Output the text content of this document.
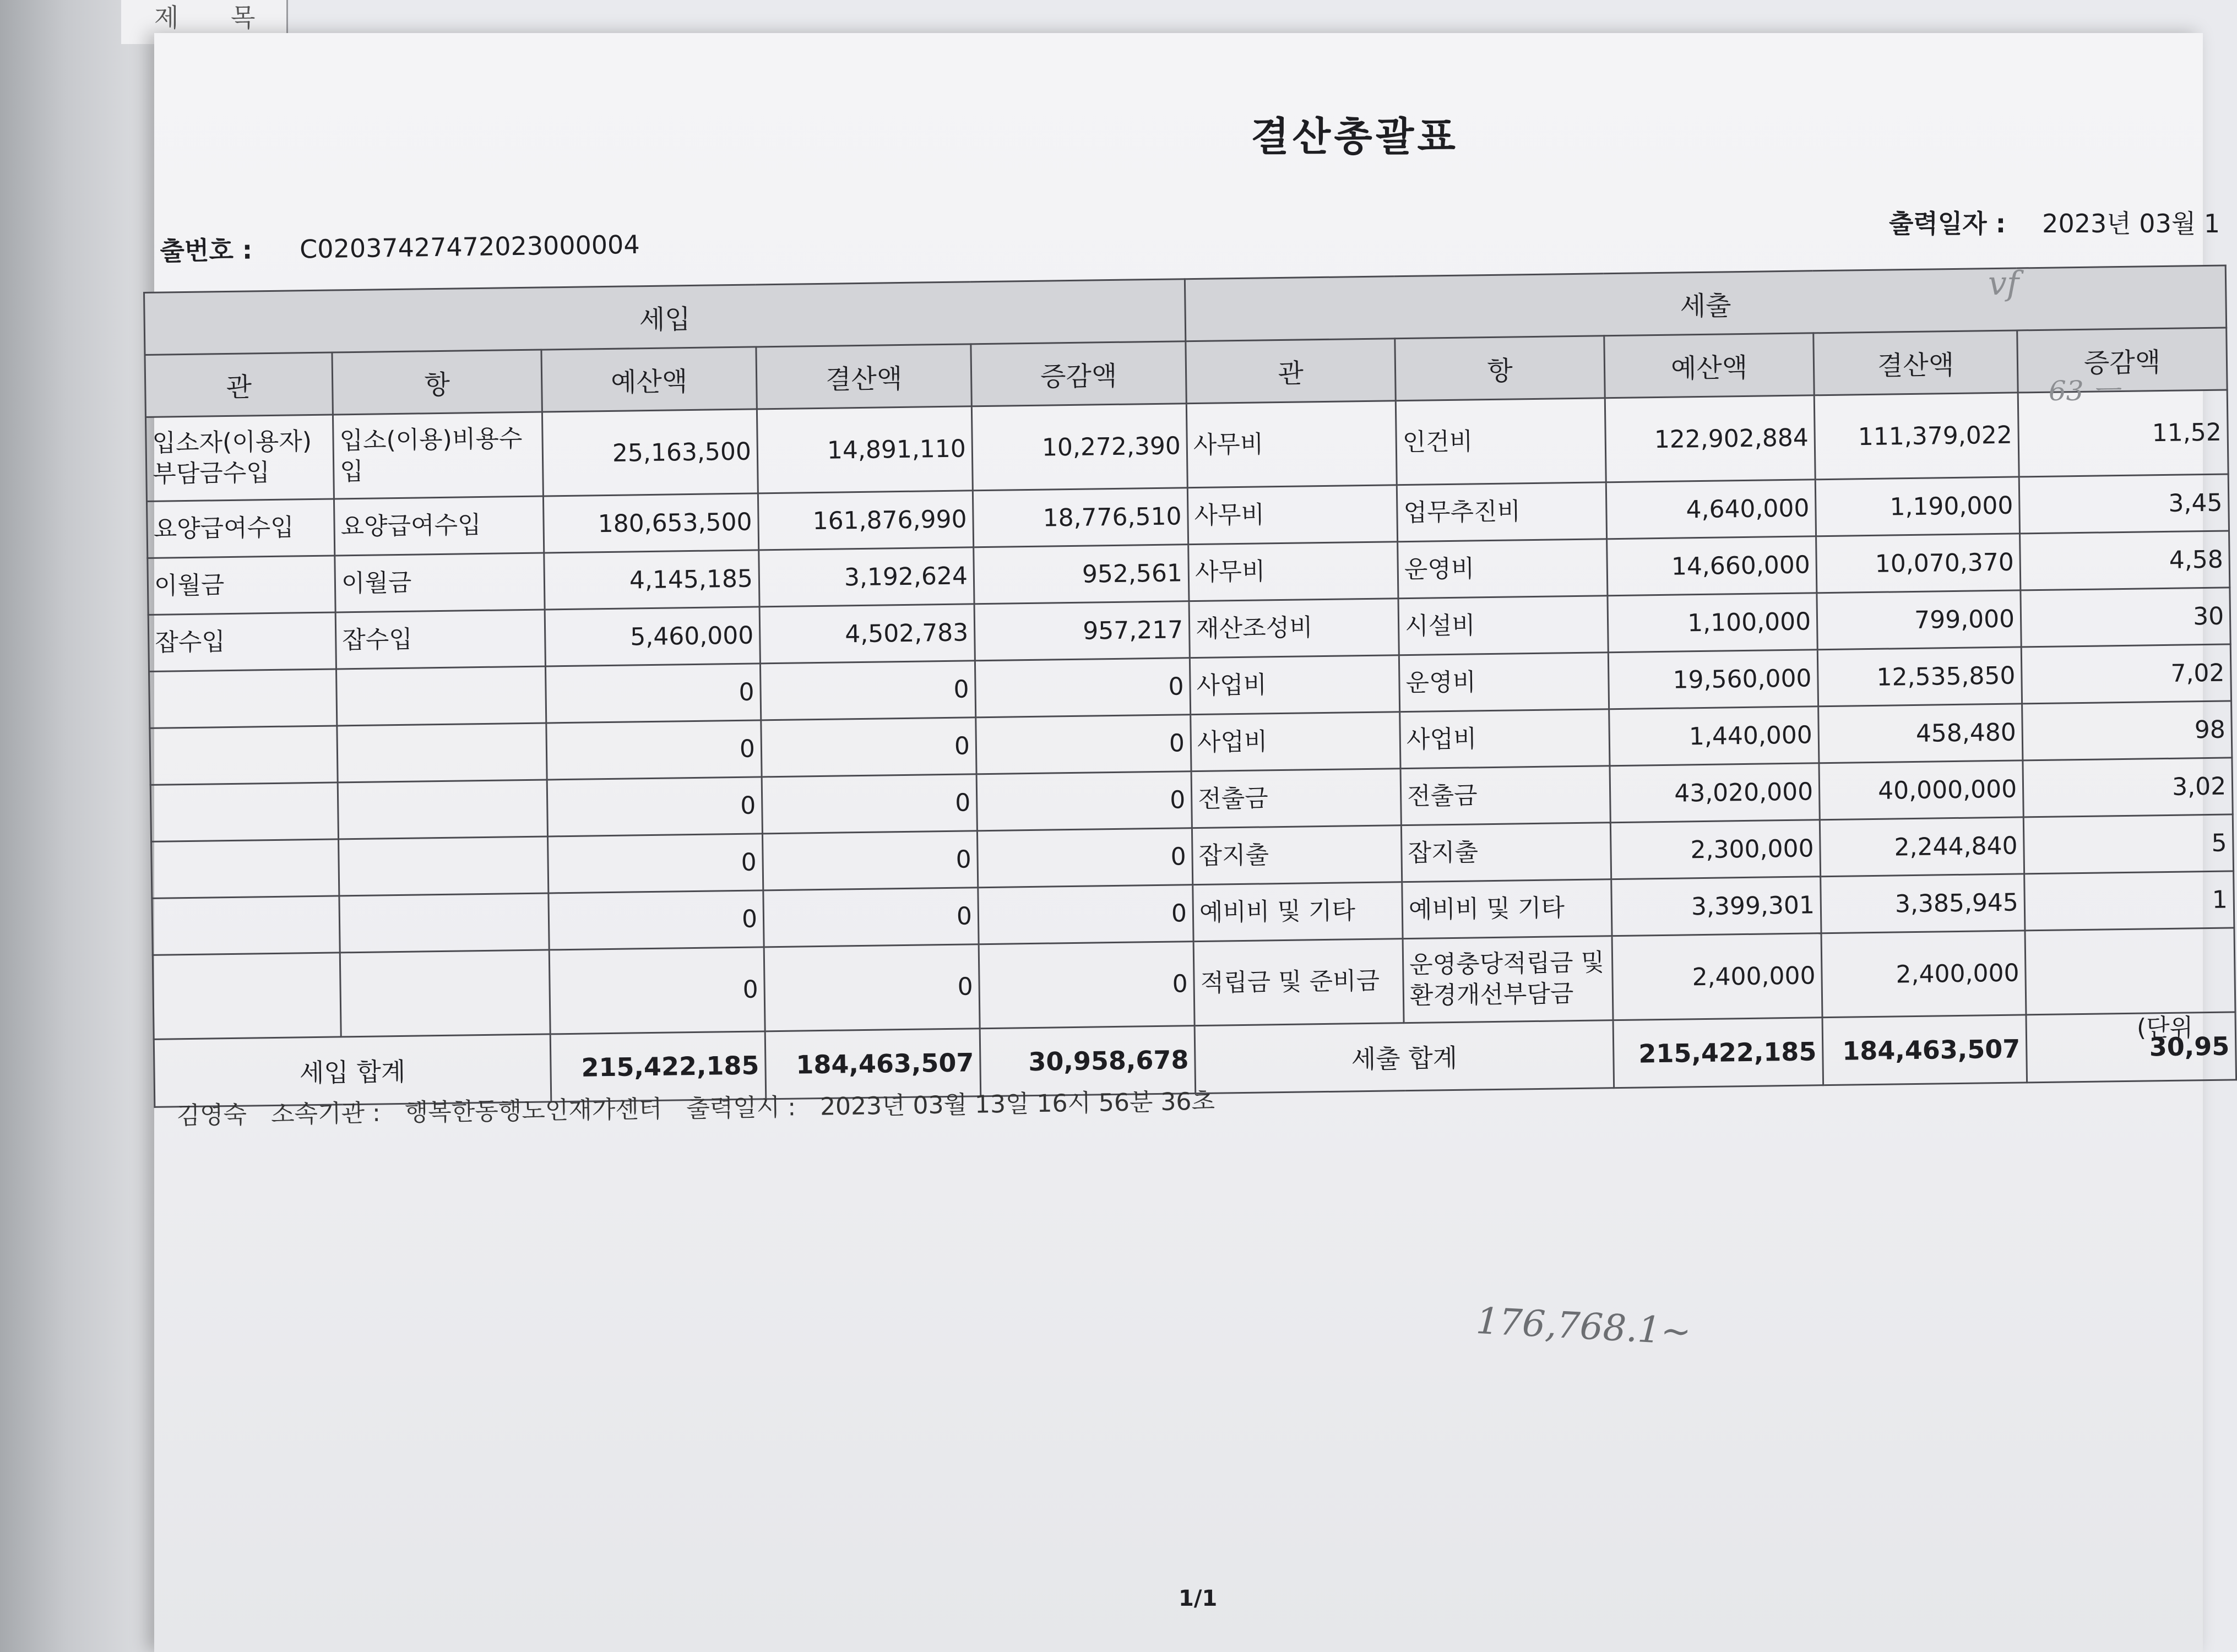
제 목
결산총괄표
출번호 : C02037427472023000004
출력일자 : 2023년 03월 1
세입					세출				
관	항	예산액	결산액	증감액	관	항	예산액	결산액	증감액
입소자(이용자)부담금수입	입소(이용)비용수입	25,163,500	14,891,110	10,272,390	사무비	인건비	122,902,884	111,379,022	11,52
요양급여수입	요양급여수입	180,653,500	161,876,990	18,776,510	사무비	업무추진비	4,640,000	1,190,000	3,45
이월금	이월금	4,145,185	3,192,624	952,561	사무비	운영비	14,660,000	10,070,370	4,58
잡수입	잡수입	5,460,000	4,502,783	957,217	재산조성비	시설비	1,100,000	799,000	30
		0	0	0	사업비	운영비	19,560,000	12,535,850	7,02
		0	0	0	사업비	사업비	1,440,000	458,480	98
		0	0	0	전출금	전출금	43,020,000	40,000,000	3,02
		0	0	0	잡지출	잡지출	2,300,000	2,244,840	5
		0	0	0	예비비 및 기타	예비비 및 기타	3,399,301	3,385,945	1
		0	0	0	적립금 및 준비금	운영충당적립금 및 환경개선부담금	2,400,000	2,400,000	
세입 합계		215,422,185	184,463,507	30,958,678	세출 합계		215,422,185	184,463,507	30,95
(단위
김영숙 소속기관 : 행복한동행노인재가센터 출력일시 : 2023년 03월 13일 16시 56분 36초
176,768.1~
vf
63 ㅡ
1/1
